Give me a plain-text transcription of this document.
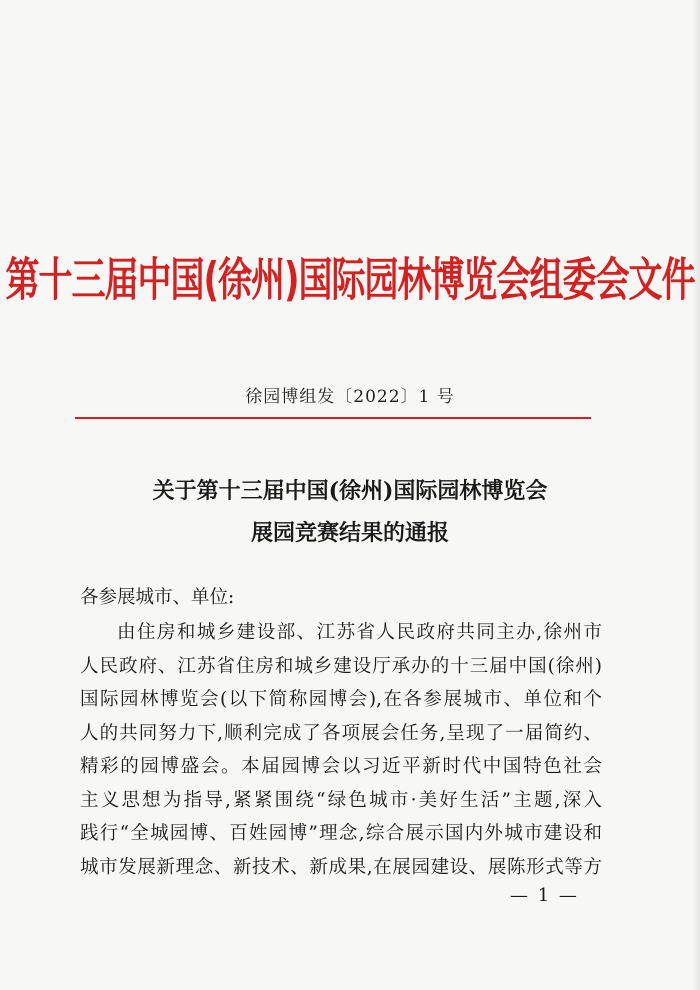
第十三届中国(徐州)国际园林博览会组委会文件
徐园博组发〔2022〕1 号
关于第十三届中国(徐州)国际园林博览会
展园竞赛结果的通报
各参展城市、单位:
由住房和城乡建设部、江苏省人民政府共同主办,徐州市
人民政府、江苏省住房和城乡建设厅承办的十三届中国(徐州)
国际园林博览会(以下简称园博会),在各参展城市、单位和个
人的共同努力下,顺利完成了各项展会任务,呈现了一届简约、
精彩的园博盛会。本届园博会以习近平新时代中国特色社会
主义思想为指导,紧紧围绕“绿色城市·美好生活”主题,深入
践行“全城园博、百姓园博”理念,综合展示国内外城市建设和
城市发展新理念、新技术、新成果,在展园建设、展陈形式等方
— 1 —
